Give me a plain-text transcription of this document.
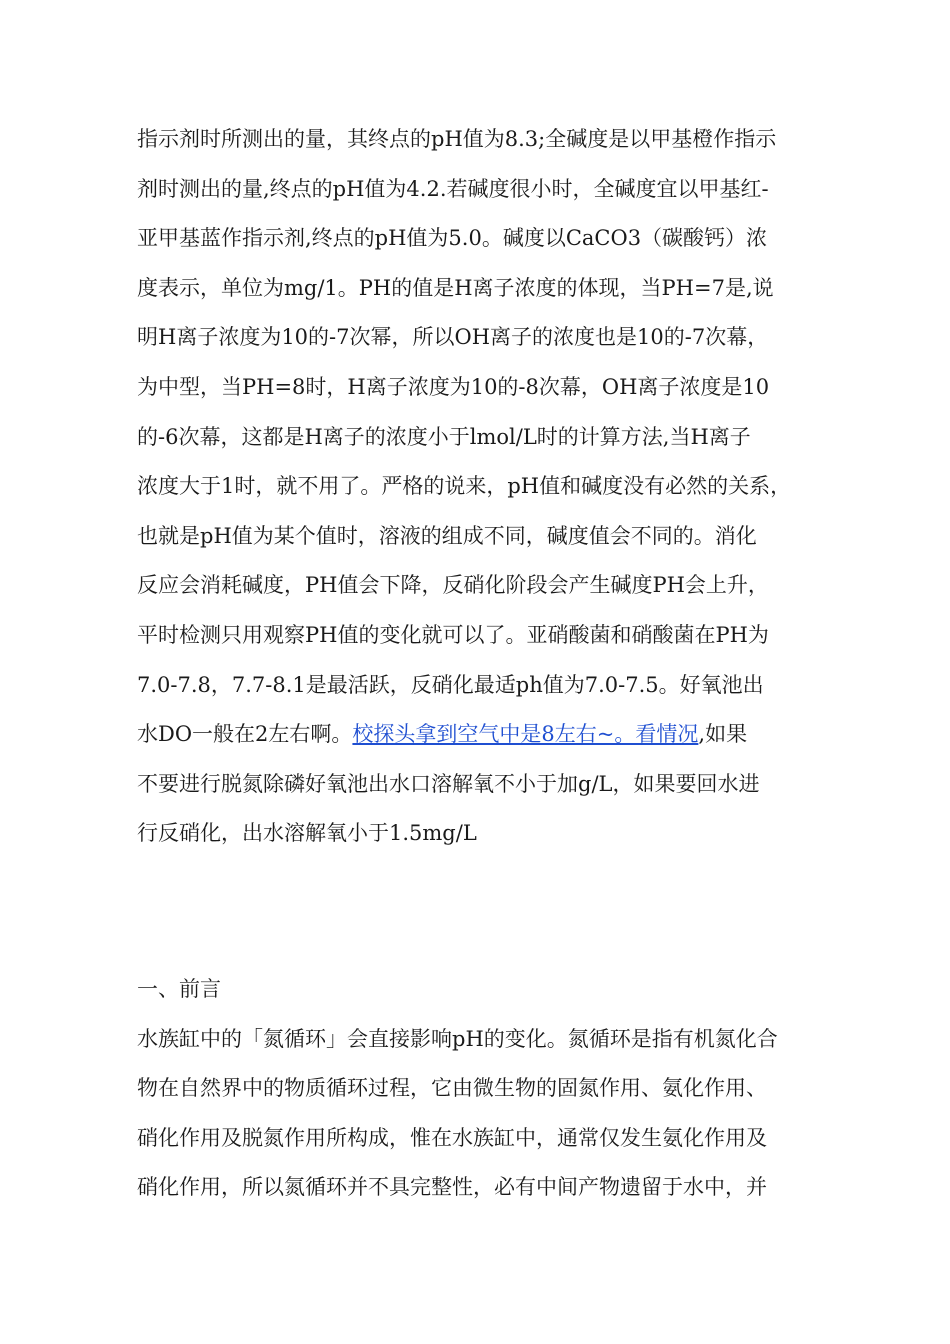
指示剂时所测出的量，其终点的pH值为8.3;全碱度是以甲基橙作指示
剂时测出的量,终点的pH值为4.2.若碱度很小时，全碱度宜以甲基红-
亚甲基蓝作指示剂,终点的pH值为5.0。碱度以CaCO3（碳酸钙）浓
度表示，单位为mg/1。PH的值是H离子浓度的体现，当PH=7是,说
明H离子浓度为10的-7次幂，所以OH离子的浓度也是10的-7次幕，
为中型，当PH=8时，H离子浓度为10的-8次幕，OH离子浓度是10
的-6次幕，这都是H离子的浓度小于lmol/L时的计算方法,当H离子
浓度大于1时，就不用了。严格的说来，pH值和碱度没有必然的关系，
也就是pH值为某个值时，溶液的组成不同，碱度值会不同的。消化
反应会消耗碱度，PH值会下降，反硝化阶段会产生碱度PH会上升，
平时检测只用观察PH值的变化就可以了。亚硝酸菌和硝酸菌在PH为
7.0-7.8，7.7-8.1是最活跃，反硝化最适ph值为7.0-7.5。好氧池出
水DO一般在2左右啊。校探头拿到空气中是8左右~。看情况,如果
不要进行脱氮除磷好氧池出水口溶解氧不小于加g/L，如果要回水进
行反硝化，出水溶解氧小于1.5mg/L
一、前言
水族缸中的「氮循环」会直接影响pH的变化。氮循环是指有机氮化合
物在自然界中的物质循环过程，它由微生物的固氮作用、氨化作用、
硝化作用及脱氮作用所构成，惟在水族缸中，通常仅发生氨化作用及
硝化作用，所以氮循环并不具完整性，必有中间产物遗留于水中，并
